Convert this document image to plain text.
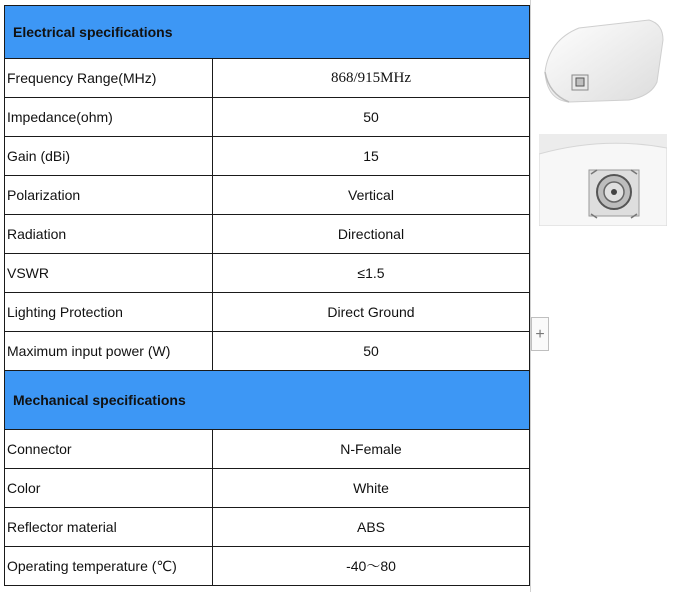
Electrical specifications	
Frequency Range(MHz)	868/915MHz
Impedance(ohm)	50
Gain (dBi)	15
Polarization	Vertical
Radiation	Directional
VSWR	≤1.5
Lighting Protection	Direct Ground
Maximum input power (W)	50
Mechanical specifications	
Connector	N-Female
Color	White
Reflector material	ABS
Operating temperature (℃)	-40～80
+
